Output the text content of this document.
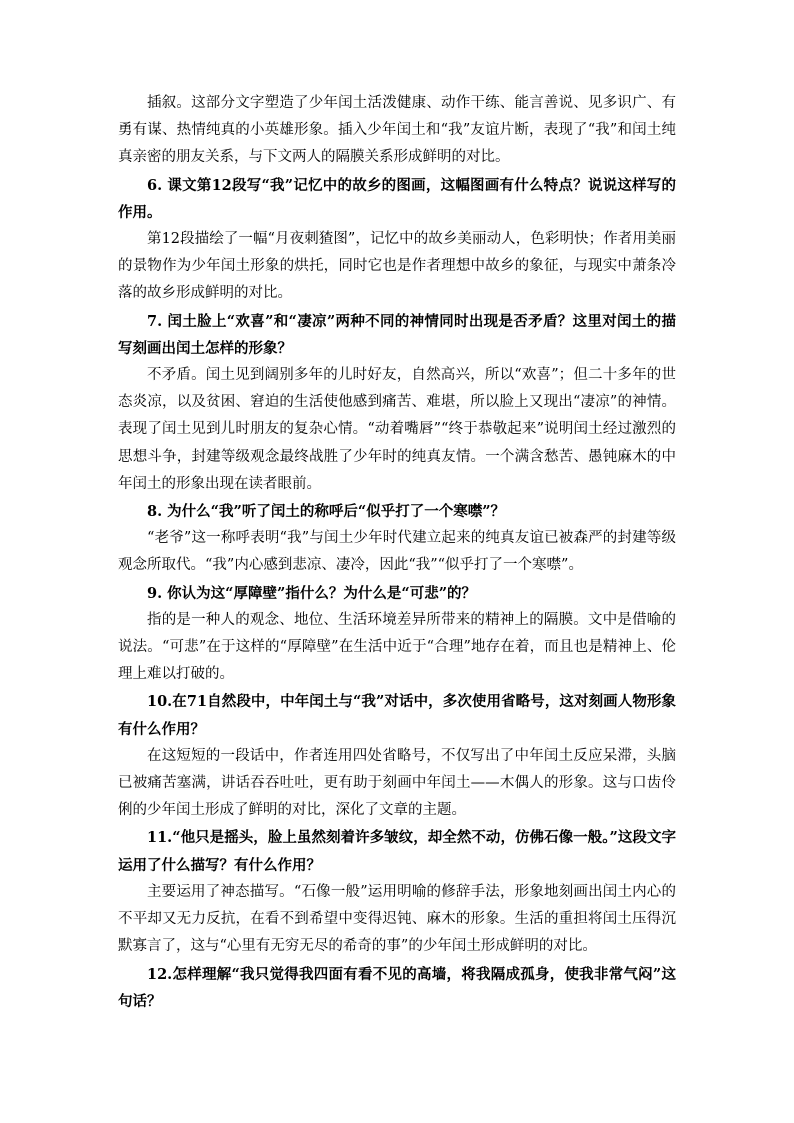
插叙。这部分文字塑造了少年闰土活泼健康、动作干练、能言善说、见多识广、有勇有谋、热情纯真的小英雄形象。插入少年闰土和“我”友谊片断，表现了“我”和闰土纯真亲密的朋友关系，与下文两人的隔膜关系形成鲜明的对比。

6. 课文第12段写“我”记忆中的故乡的图画，这幅图画有什么特点？说说这样写的作用。

第12段描绘了一幅“月夜刺猹图”，记忆中的故乡美丽动人，色彩明快；作者用美丽的景物作为少年闰土形象的烘托，同时它也是作者理想中故乡的象征，与现实中萧条冷落的故乡形成鲜明的对比。

7. 闰土脸上“欢喜”和“凄凉”两种不同的神情同时出现是否矛盾？这里对闰土的描写刻画出闰土怎样的形象？

不矛盾。闰土见到阔别多年的儿时好友，自然高兴，所以“欢喜”；但二十多年的世态炎凉，以及贫困、窘迫的生活使他感到痛苦、难堪，所以脸上又现出“凄凉”的神情。表现了闰土见到儿时朋友的复杂心情。“动着嘴唇”“终于恭敬起来”说明闰土经过激烈的思想斗争，封建等级观念最终战胜了少年时的纯真友情。一个满含愁苦、愚钝麻木的中年闰土的形象出现在读者眼前。

8. 为什么“我”听了闰土的称呼后“似乎打了一个寒噤”？

“老爷”这一称呼表明“我”与闰土少年时代建立起来的纯真友谊已被森严的封建等级观念所取代。“我”内心感到悲凉、凄冷，因此“我”“似乎打了一个寒噤”。

9. 你认为这“厚障壁”指什么？为什么是“可悲”的？

指的是一种人的观念、地位、生活环境差异所带来的精神上的隔膜。文中是借喻的说法。“可悲”在于这样的“厚障壁”在生活中近于“合理”地存在着，而且也是精神上、伦理上难以打破的。

10.在71自然段中，中年闰土与“我”对话中，多次使用省略号，这对刻画人物形象有什么作用？

在这短短的一段话中，作者连用四处省略号，不仅写出了中年闰土反应呆滞，头脑已被痛苦塞满，讲话吞吞吐吐，更有助于刻画中年闰土——木偶人的形象。这与口齿伶俐的少年闰土形成了鲜明的对比，深化了文章的主题。

11.“他只是摇头，脸上虽然刻着许多皱纹，却全然不动，仿佛石像一般。”这段文字运用了什么描写？有什么作用？

主要运用了神态描写。“石像一般”运用明喻的修辞手法，形象地刻画出闰土内心的不平却又无力反抗，在看不到希望中变得迟钝、麻木的形象。生活的重担将闰土压得沉默寡言了，这与“心里有无穷无尽的希奇的事”的少年闰土形成鲜明的对比。

12.怎样理解“我只觉得我四面有看不见的高墙，将我隔成孤身，使我非常气闷”这句话？
